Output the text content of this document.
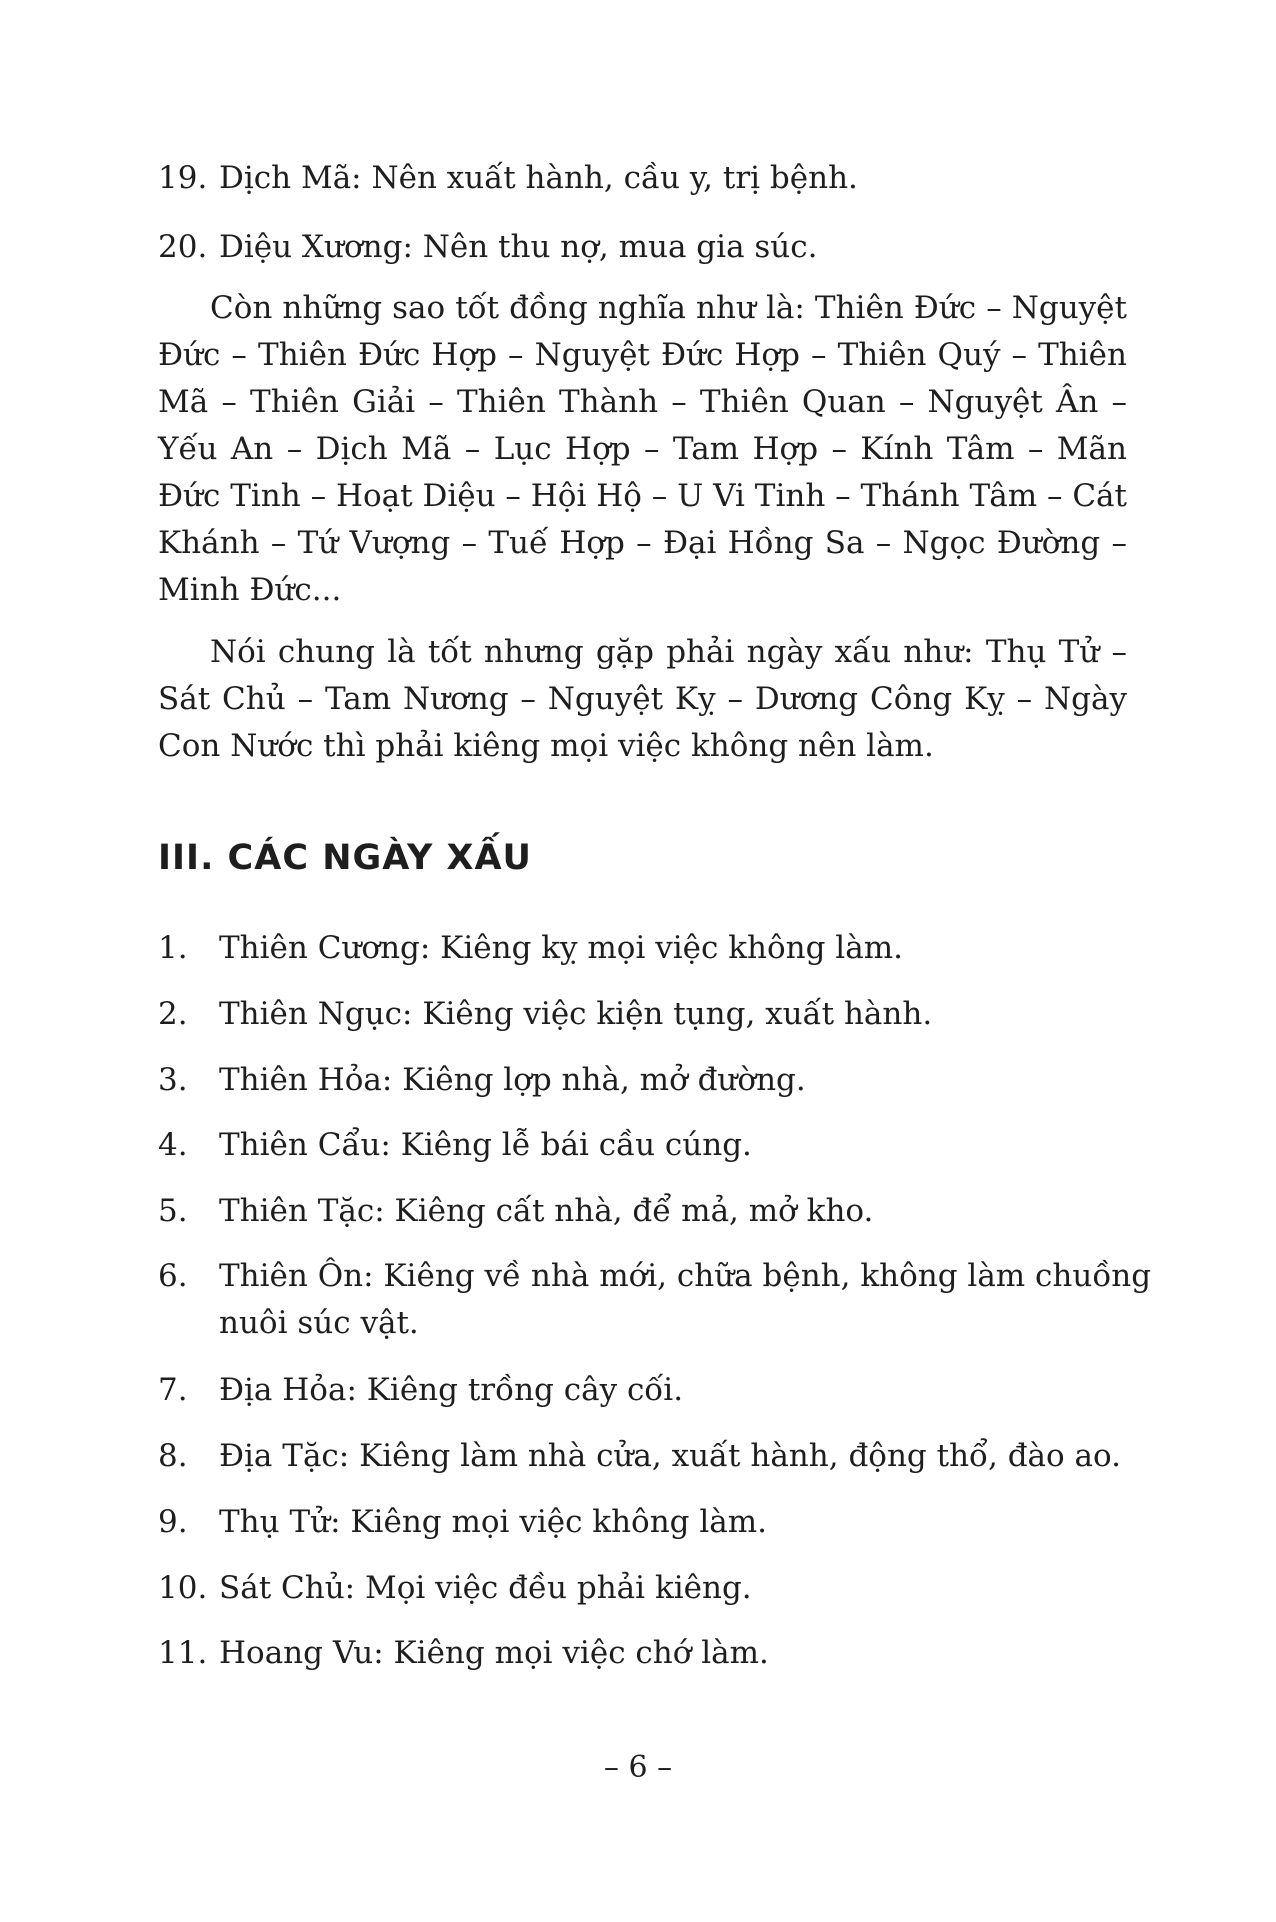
19. Dịch Mã: Nên xuất hành, cầu y, trị bệnh.
20. Diệu Xương: Nên thu nợ, mua gia súc.
Còn những sao tốt đồng nghĩa như là: Thiên Đức – Nguyệt
Đức – Thiên Đức Hợp – Nguyệt Đức Hợp – Thiên Quý – Thiên
Mã – Thiên Giải – Thiên Thành – Thiên Quan – Nguyệt Ân –
Yếu An – Dịch Mã – Lục Hợp – Tam Hợp – Kính Tâm – Mãn
Đức Tinh – Hoạt Diệu – Hội Hộ – U Vi Tinh – Thánh Tâm – Cát
Khánh – Tứ Vượng – Tuế Hợp – Đại Hồng Sa – Ngọc Đường –
Minh Đức...
Nói chung là tốt nhưng gặp phải ngày xấu như: Thụ Tử –
Sát Chủ – Tam Nương – Nguyệt Kỵ – Dương Công Kỵ – Ngày
Con Nước thì phải kiêng mọi việc không nên làm.
III. CÁC NGÀY XẤU
1. Thiên Cương: Kiêng kỵ mọi việc không làm.
2. Thiên Ngục: Kiêng việc kiện tụng, xuất hành.
3. Thiên Hỏa: Kiêng lợp nhà, mở đường.
4. Thiên Cẩu: Kiêng lễ bái cầu cúng.
5. Thiên Tặc: Kiêng cất nhà, để mả, mở kho.
6. Thiên Ôn: Kiêng về nhà mới, chữa bệnh, không làm chuồng
nuôi súc vật.
7. Địa Hỏa: Kiêng trồng cây cối.
8. Địa Tặc: Kiêng làm nhà cửa, xuất hành, động thổ, đào ao.
9. Thụ Tử: Kiêng mọi việc không làm.
10. Sát Chủ: Mọi việc đều phải kiêng.
11. Hoang Vu: Kiêng mọi việc chớ làm.
– 6 –
